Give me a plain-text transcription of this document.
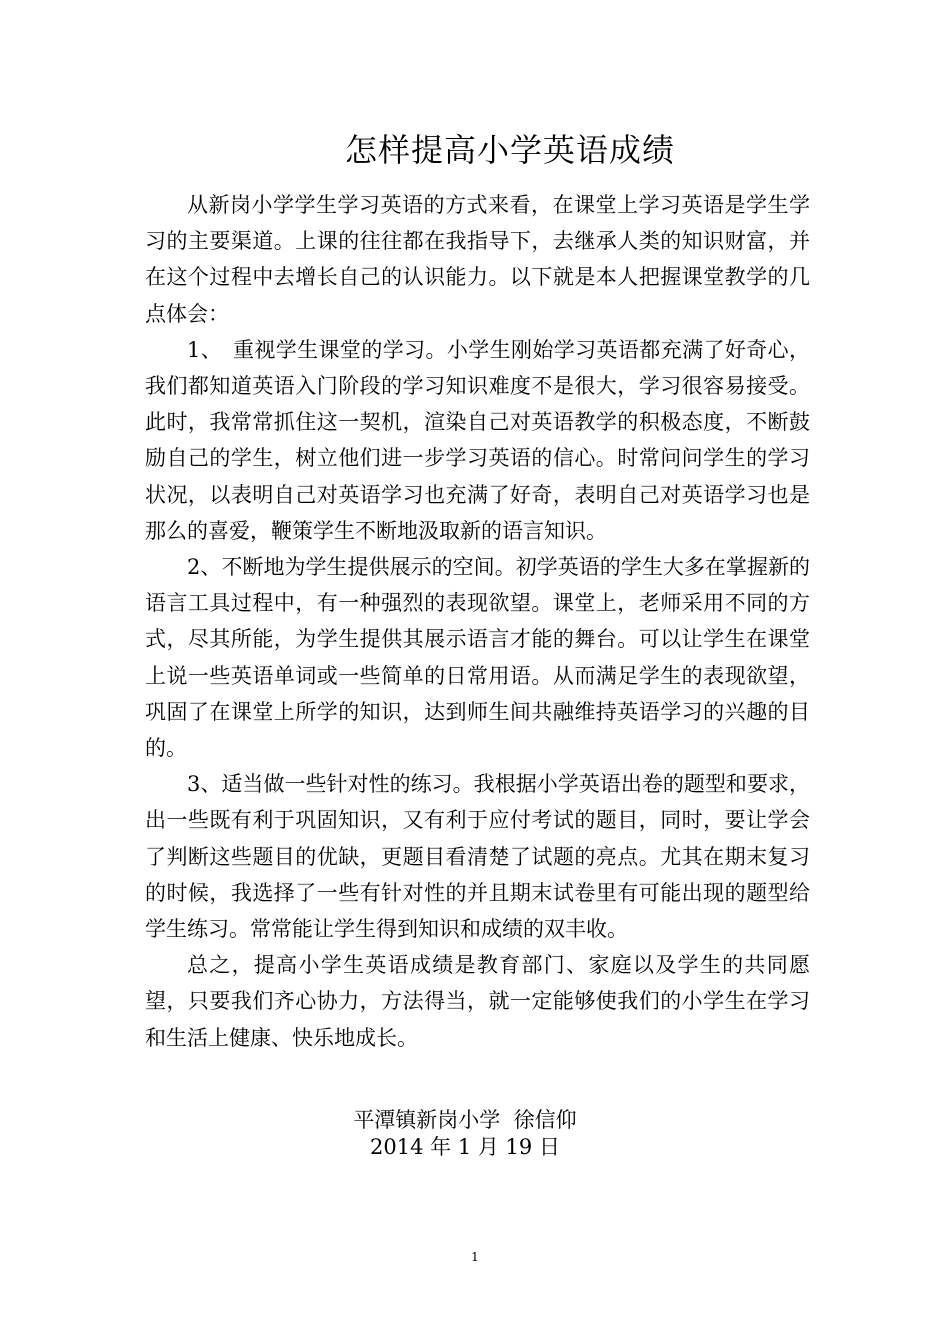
怎样提高小学英语成绩

从新岗小学学生学习英语的方式来看，在课堂上学习英语是学生学习的主要渠道。上课的往往都在我指导下，去继承人类的知识财富，并在这个过程中去增长自己的认识能力。以下就是本人把握课堂教学的几点体会：

1、　重视学生课堂的学习。小学生刚始学习英语都充满了好奇心，我们都知道英语入门阶段的学习知识难度不是很大，学习很容易接受。此时，我常常抓住这一契机，渲染自己对英语教学的积极态度，不断鼓励自己的学生，树立他们进一步学习英语的信心。时常问问学生的学习状况，以表明自己对英语学习也充满了好奇，表明自己对英语学习也是那么的喜爱，鞭策学生不断地汲取新的语言知识。

2、不断地为学生提供展示的空间。初学英语的学生大多在掌握新的语言工具过程中，有一种强烈的表现欲望。课堂上，老师采用不同的方式，尽其所能，为学生提供其展示语言才能的舞台。可以让学生在课堂上说一些英语单词或一些简单的日常用语。从而满足学生的表现欲望，巩固了在课堂上所学的知识，达到师生间共融维持英语学习的兴趣的目的。

3、适当做一些针对性的练习。我根据小学英语出卷的题型和要求，出一些既有利于巩固知识，又有利于应付考试的题目，同时，要让学会了判断这些题目的优缺，更题目看清楚了试题的亮点。尤其在期末复习的时候，我选择了一些有针对性的并且期末试卷里有可能出现的题型给学生练习。常常能让学生得到知识和成绩的双丰收。

总之，提高小学生英语成绩是教育部门、家庭以及学生的共同愿望，只要我们齐心协力，方法得当，就一定能够使我们的小学生在学习和生活上健康、快乐地成长。

平潭镇新岗小学  徐信仰
2014 年 1 月 19 日
1
